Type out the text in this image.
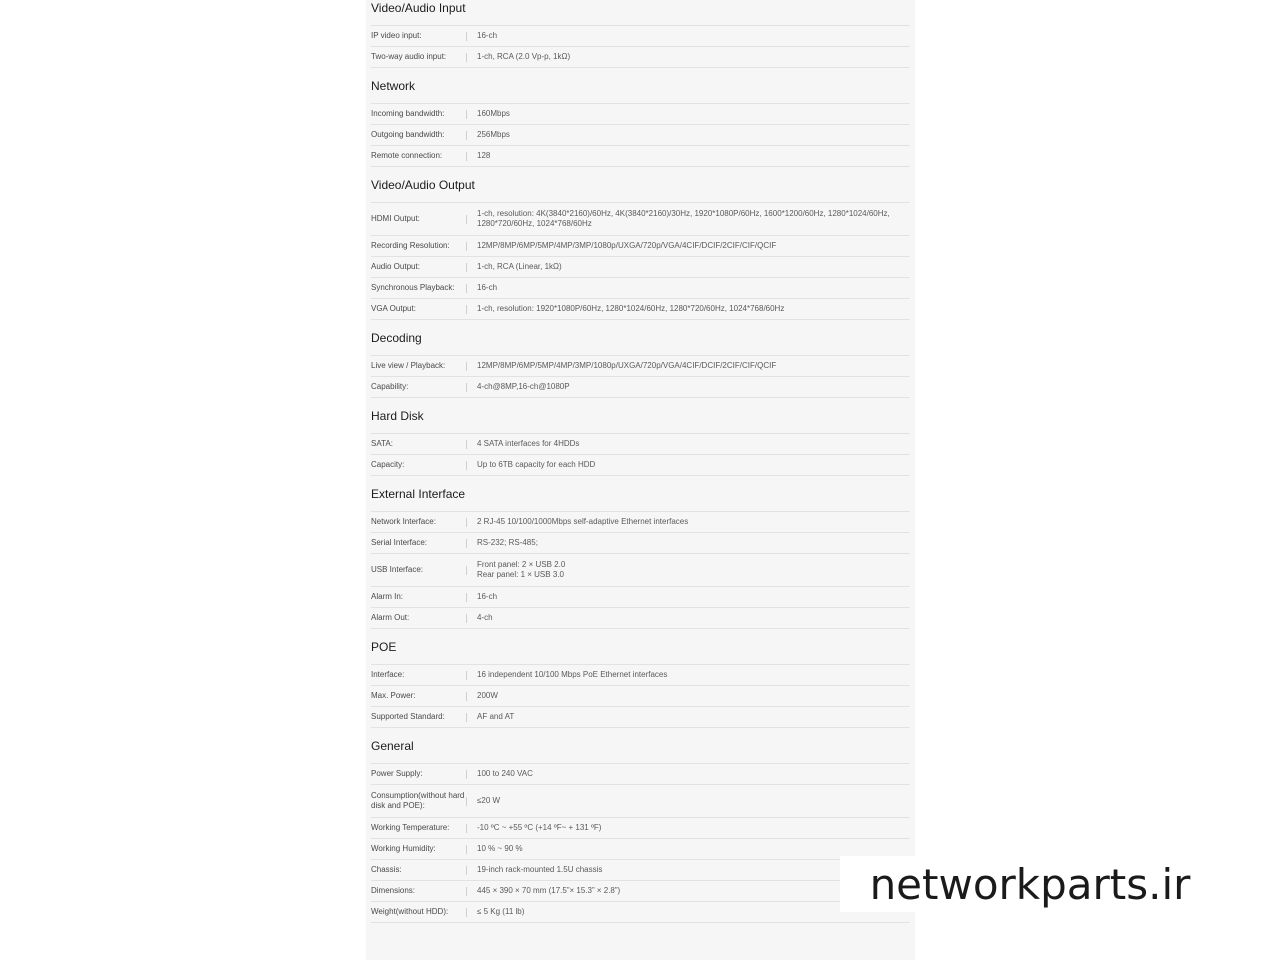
Video/Audio Input
IP video input:	16-ch
Two-way audio input:	1-ch, RCA (2.0 Vp-p, 1kΩ)
Network
Incoming bandwidth:	160Mbps
Outgoing bandwidth:	256Mbps
Remote connection:	128
Video/Audio Output
HDMI Output:
1-ch, resolution: 4K(3840*2160)/60Hz, 4K(3840*2160)/30Hz, 1920*1080P/60Hz, 1600*1200/60Hz, 1280*1024/60Hz, 1280*720/60Hz, 1024*768/60Hz
Recording Resolution:	12MP/8MP/6MP/5MP/4MP/3MP/1080p/UXGA/720p/VGA/4CIF/DCIF/2CIF/CIF/QCIF
Audio Output:	1-ch, RCA (Linear, 1kΩ)
Synchronous Playback:	16-ch
VGA Output:	1-ch, resolution: 1920*1080P/60Hz, 1280*1024/60Hz, 1280*720/60Hz, 1024*768/60Hz
Decoding
Live view / Playback:	12MP/8MP/6MP/5MP/4MP/3MP/1080p/UXGA/720p/VGA/4CIF/DCIF/2CIF/CIF/QCIF
Capability:	4-ch@8MP,16-ch@1080P
Hard Disk
SATA:	4 SATA interfaces for 4HDDs
Capacity:	Up to 6TB capacity for each HDD
External Interface
Network Interface:	2 RJ-45 10/100/1000Mbps self-adaptive Ethernet interfaces
Serial Interface:	RS-232; RS-485;
USB Interface:
Front panel: 2 × USB 2.0
Rear panel: 1 × USB 3.0
Alarm In:	16-ch
Alarm Out:	4-ch
POE
Interface:	16 independent 10/100 Mbps PoE Ethernet interfaces
Max. Power:	200W
Supported Standard:	AF and AT
General
Power Supply:	100 to 240 VAC
Consumption(without hard disk and POE):
≤20 W
Working Temperature:	-10 ºC ~ +55 ºC (+14 ºF~ + 131 ºF)
Working Humidity:	10 % ~ 90 %
Chassis:	19-inch rack-mounted 1.5U chassis
Dimensions:	445 × 390 × 70 mm (17.5”× 15.3” × 2.8”)
Weight(without HDD):	≤ 5 Kg (11 lb)
networkparts.ir
